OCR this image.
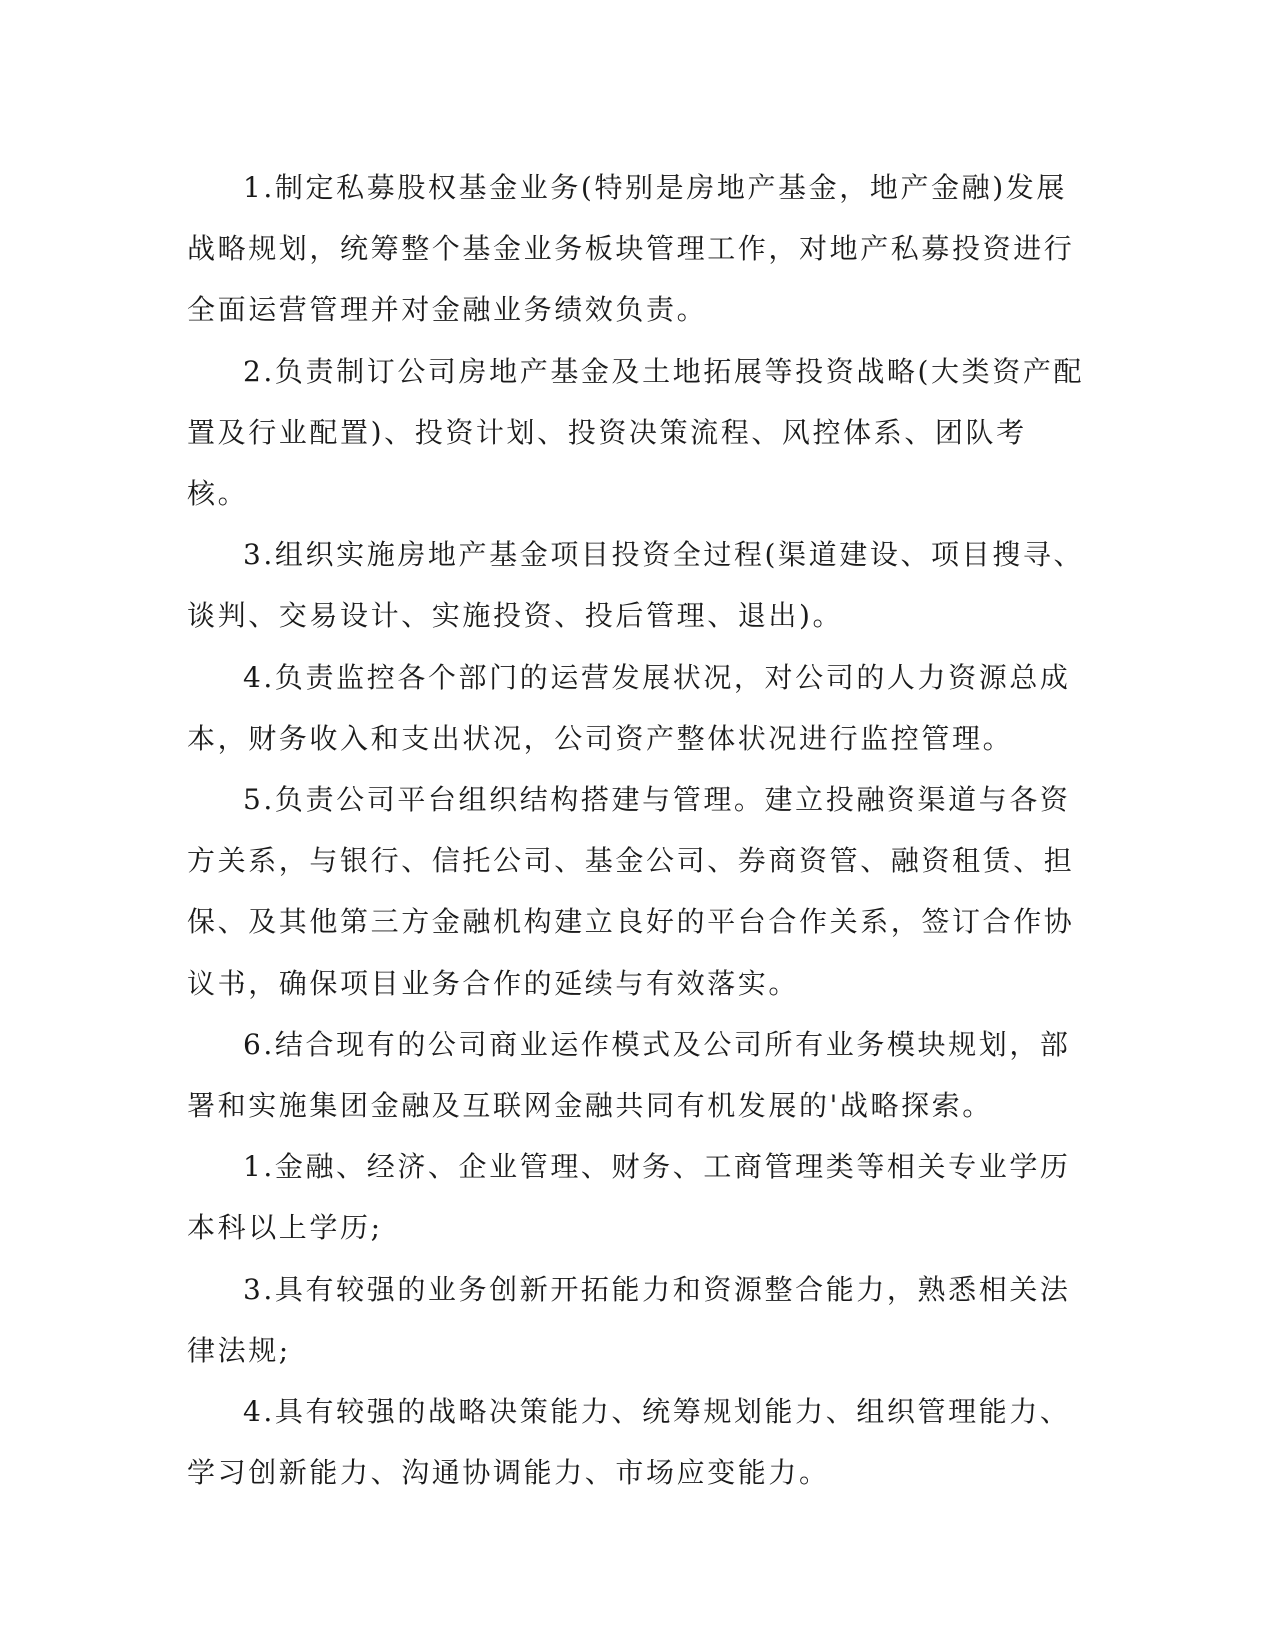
1.制定私募股权基金业务(特别是房地产基金，地产金融)发展战略规划，统筹整个基金业务板块管理工作，对地产私募投资进行全面运营管理并对金融业务绩效负责。

2.负责制订公司房地产基金及土地拓展等投资战略(大类资产配置及行业配置)、投资计划、投资决策流程、风控体系、团队考核。

3.组织实施房地产基金项目投资全过程(渠道建设、项目搜寻、谈判、交易设计、实施投资、投后管理、退出)。

4.负责监控各个部门的运营发展状况，对公司的人力资源总成本，财务收入和支出状况，公司资产整体状况进行监控管理。

5.负责公司平台组织结构搭建与管理。建立投融资渠道与各资方关系，与银行、信托公司、基金公司、券商资管、融资租赁、担保、及其他第三方金融机构建立良好的平台合作关系，签订合作协议书，确保项目业务合作的延续与有效落实。

6.结合现有的公司商业运作模式及公司所有业务模块规划，部署和实施集团金融及互联网金融共同有机发展的'战略探索。

1.金融、经济、企业管理、财务、工商管理类等相关专业学历本科以上学历;

3.具有较强的业务创新开拓能力和资源整合能力，熟悉相关法律法规;

4.具有较强的战略决策能力、统筹规划能力、组织管理能力、学习创新能力、沟通协调能力、市场应变能力。
